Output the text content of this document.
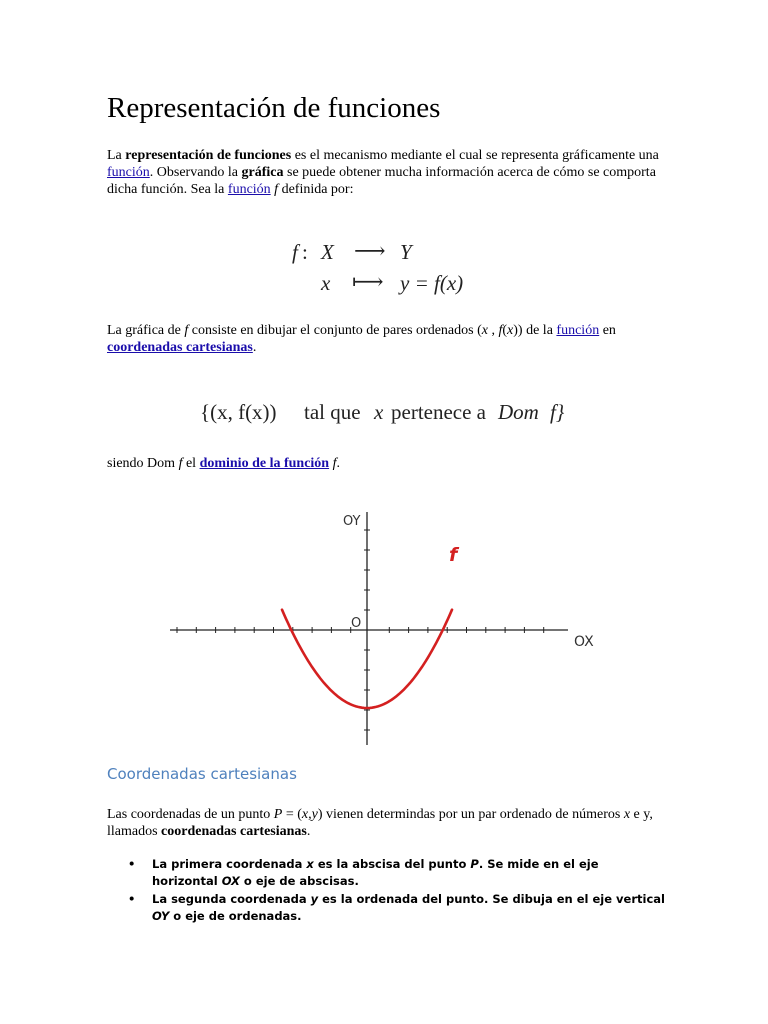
Representación de funciones

La representación de funciones es el mecanismo mediante el cual se representa gráficamente una función. Observando la gráfica se puede obtener mucha información acerca de cómo se comporta dicha función. Sea la función f definida por:

f : X ⟶ Y
x ⟼ y = f(x)

La gráfica de f consiste en dibujar el conjunto de pares ordenados (x , f(x)) de la función en coordenadas cartesianas.

{(x, f(x)) tal que x pertenece a Dom f}

siendo Dom f el dominio de la función f.

OY
OX
O
f
Coordenadas cartesianas

Las coordenadas de un punto P = (x,y) vienen determindas por un par ordenado de números x e y, llamados coordenadas cartesianas.

• La primera coordenada x es la abscisa del punto P. Se mide en el eje horizontal OX o eje de abscisas.
• La segunda coordenada y es la ordenada del punto. Se dibuja en el eje vertical OY o eje de ordenadas.
